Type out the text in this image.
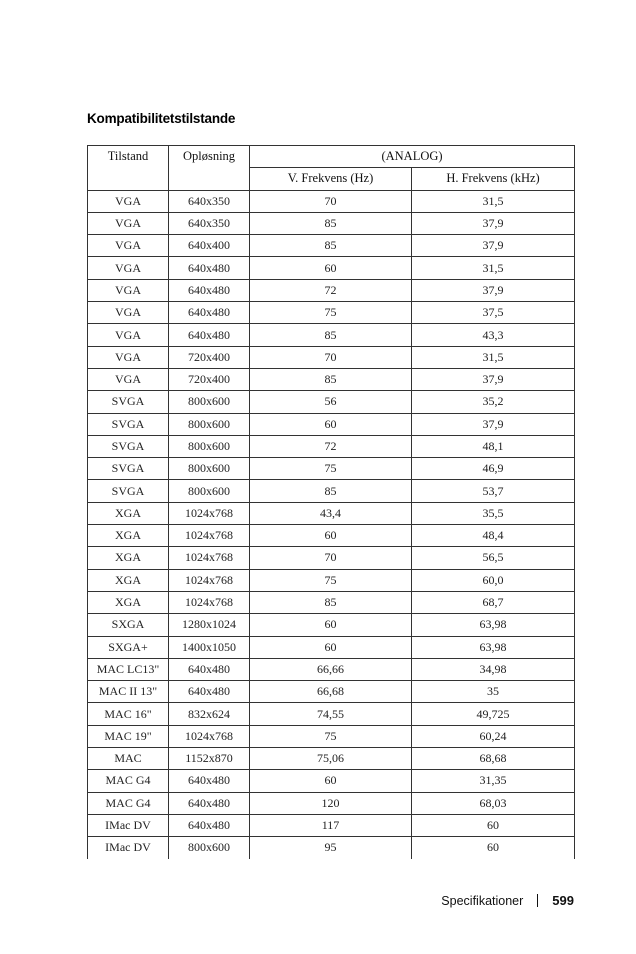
Kompatibilitetstilstande
Tilstand	Opløsning	(ANALOG)	
		V. Frekvens (Hz)	H. Frekvens (kHz)
VGA	640x350	70	31,5
VGA	640x350	85	37,9
VGA	640x400	85	37,9
VGA	640x480	60	31,5
VGA	640x480	72	37,9
VGA	640x480	75	37,5
VGA	640x480	85	43,3
VGA	720x400	70	31,5
VGA	720x400	85	37,9
SVGA	800x600	56	35,2
SVGA	800x600	60	37,9
SVGA	800x600	72	48,1
SVGA	800x600	75	46,9
SVGA	800x600	85	53,7
XGA	1024x768	43,4	35,5
XGA	1024x768	60	48,4
XGA	1024x768	70	56,5
XGA	1024x768	75	60,0
XGA	1024x768	85	68,7
SXGA	1280x1024	60	63,98
SXGA+	1400x1050	60	63,98
MAC LC13"	640x480	66,66	34,98
MAC II 13"	640x480	66,68	35
MAC 16"	832x624	74,55	49,725
MAC 19"	1024x768	75	60,24
MAC	1152x870	75,06	68,68
MAC G4	640x480	60	31,35
MAC G4	640x480	120	68,03
IMac DV	640x480	117	60
IMac DV	800x600	95	60
Specifikationer 599
